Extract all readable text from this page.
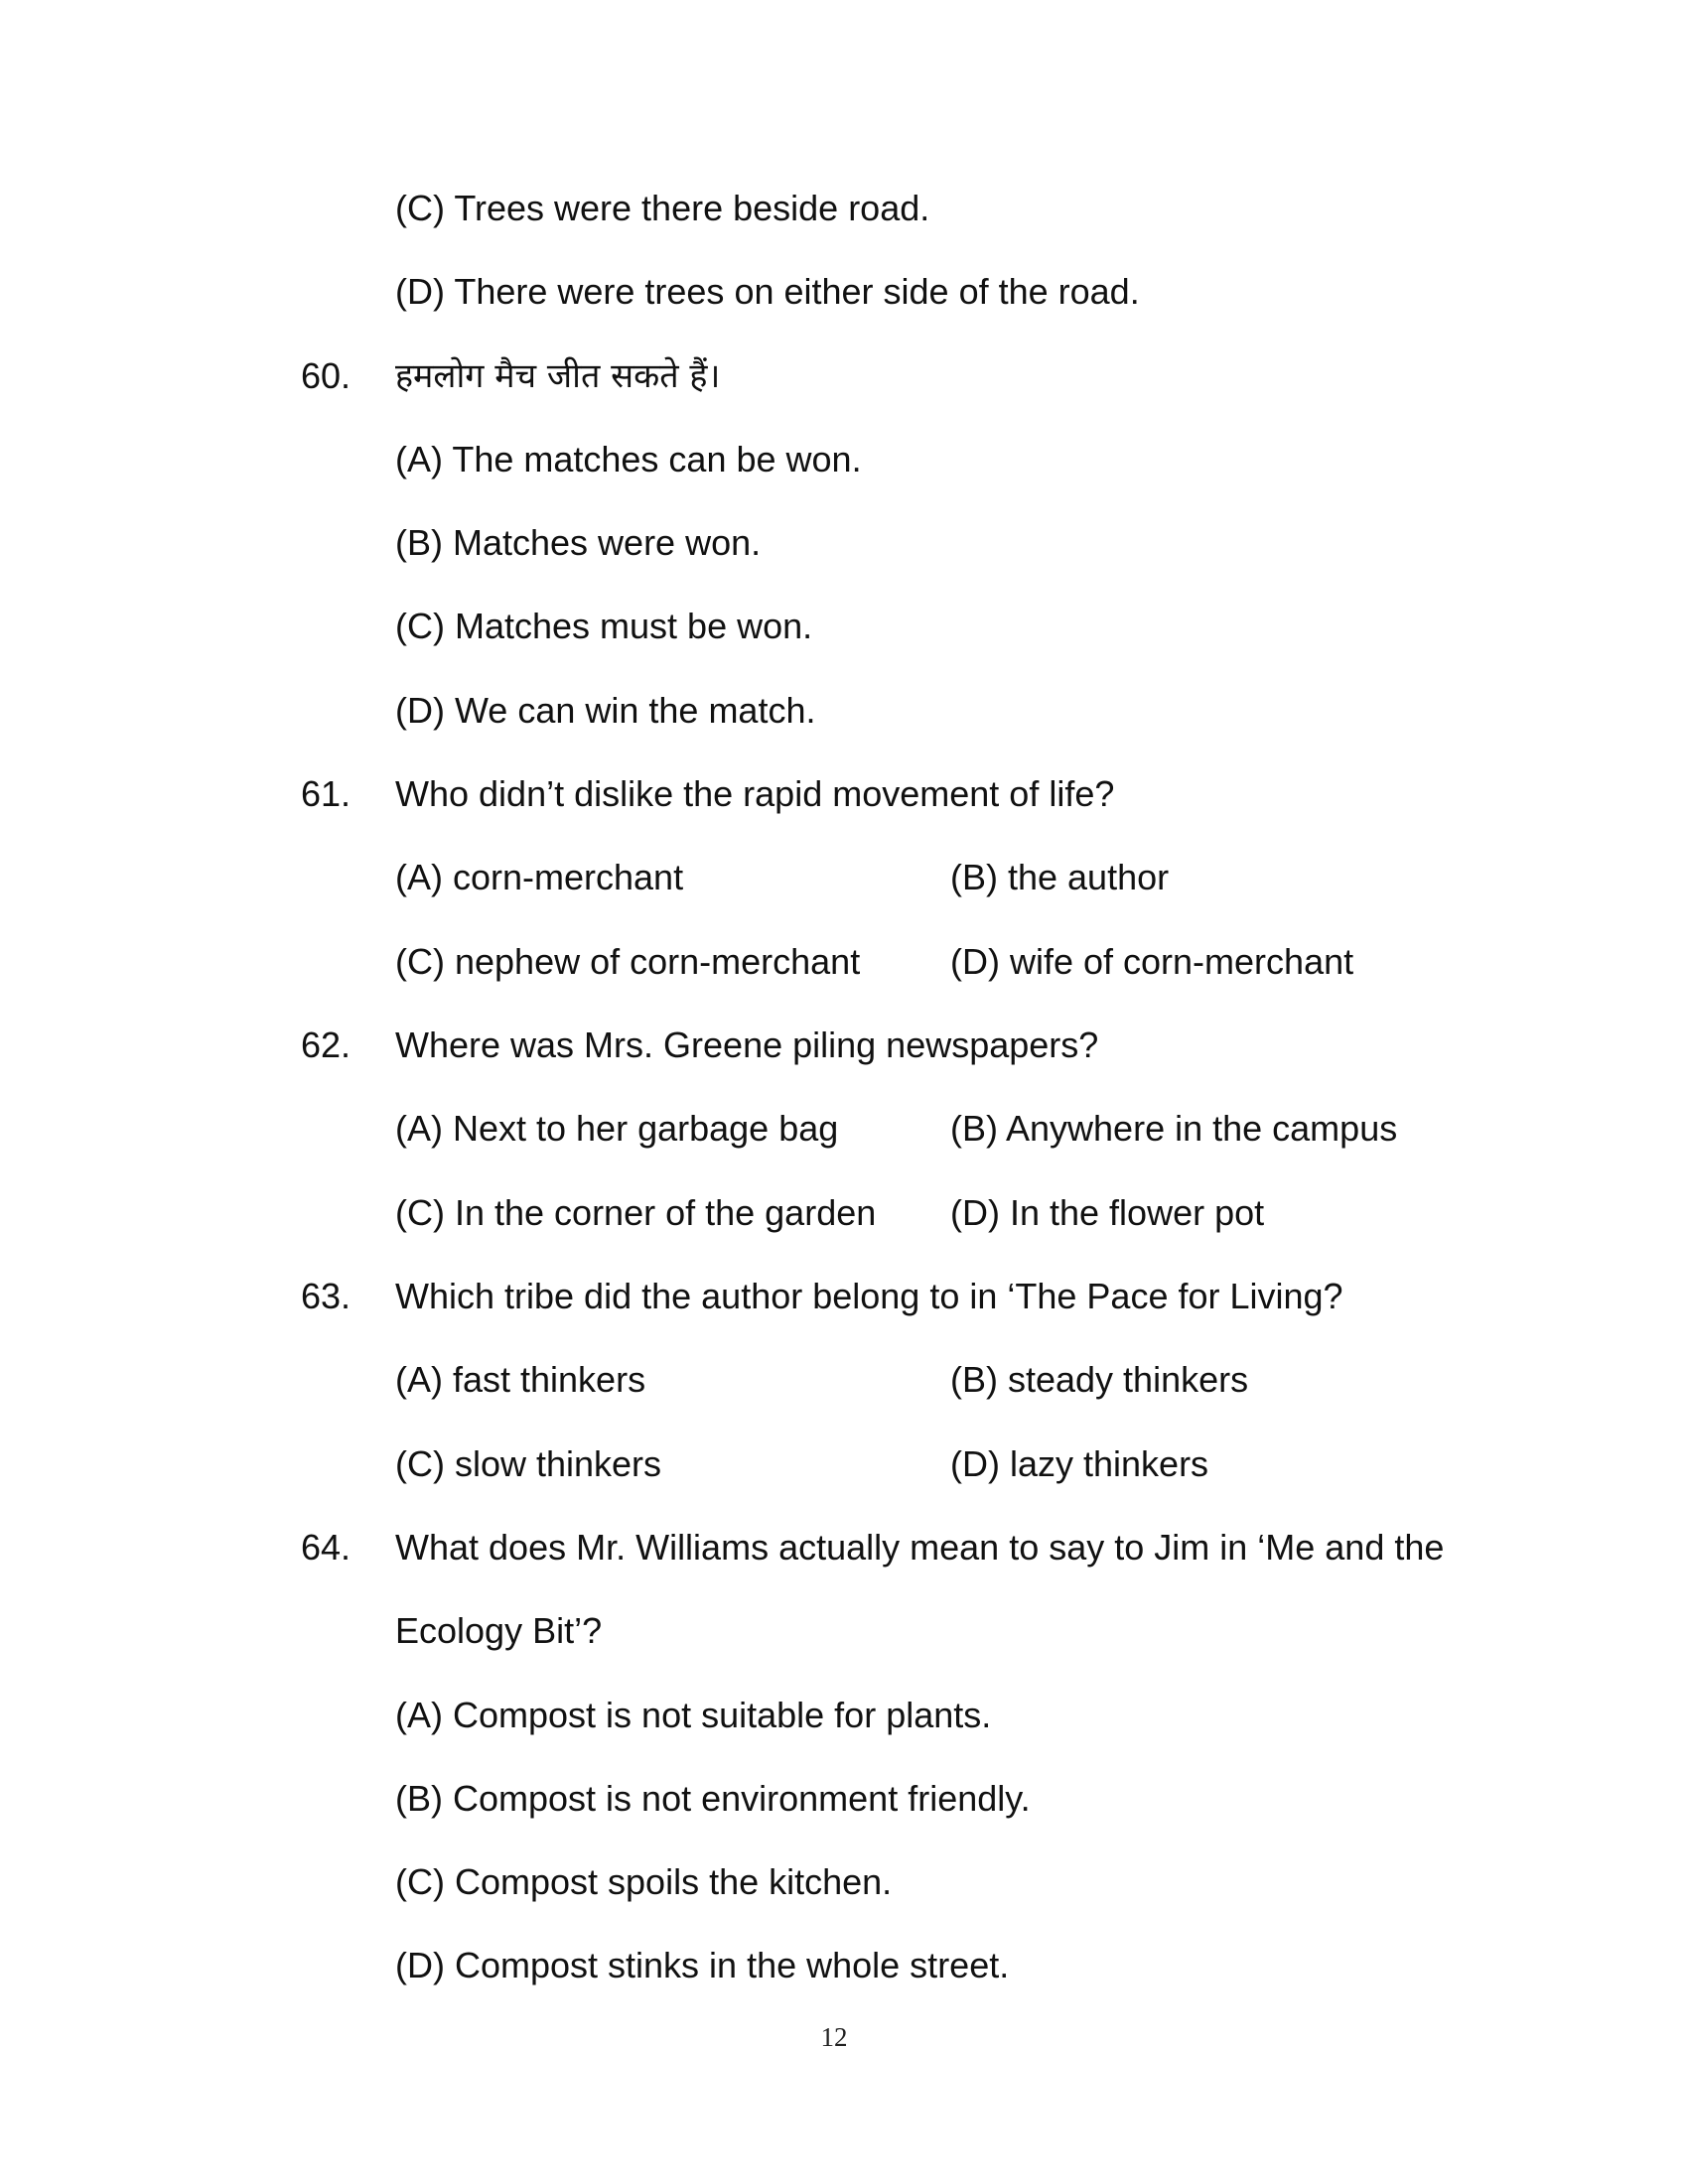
(C) Trees were there beside road.
(D) There were trees on either side of the road.
60. हमलोग मैच जीत सकते हैं।
(A) The matches can be won.
(B) Matches were won.
(C) Matches must be won.
(D) We can win the match.
61. Who didn’t dislike the rapid movement of life?
(A) corn-merchant	(B) the author
(C) nephew of corn-merchant	(D) wife of corn-merchant
62. Where was Mrs. Greene piling newspapers?
(A) Next to her garbage bag	(B) Anywhere in the campus
(C) In the corner of the garden (D) In the flower pot
63. Which tribe did the author belong to in ‘The Pace for Living?
(A) fast thinkers	(B) steady thinkers
(C) slow thinkers	(D) lazy thinkers
64. What does Mr. Williams actually mean to say to Jim in ‘Me and the
Ecology Bit’?
(A) Compost is not suitable for plants.
(B) Compost is not environment friendly.
(C) Compost spoils the kitchen.
(D) Compost stinks in the whole street.
12
